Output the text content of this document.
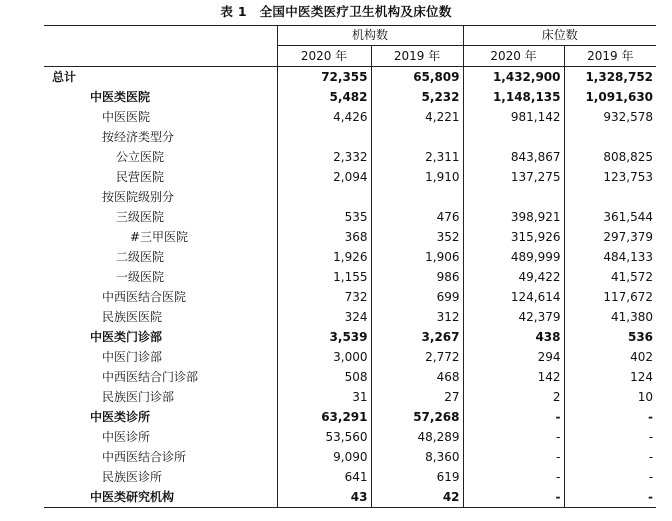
表 1　全国中医类医疗卫生机构及床位数
	机构数		床位数	
	2020 年	2019 年	2020 年	2019 年
总计	72,355	65,809	1,432,900	1,328,752
中医类医院	5,482	5,232	1,148,135	1,091,630
中医医院	4,426	4,221	981,142	932,578
按经济类型分				
公立医院	2,332	2,311	843,867	808,825
民营医院	2,094	1,910	137,275	123,753
按医院级别分				
三级医院	535	476	398,921	361,544
#三甲医院	368	352	315,926	297,379
二级医院	1,926	1,906	489,999	484,133
一级医院	1,155	986	49,422	41,572
中西医结合医院	732	699	124,614	117,672
民族医医院	324	312	42,379	41,380
中医类门诊部	3,539	3,267	438	536
中医门诊部	3,000	2,772	294	402
中西医结合门诊部	508	468	142	124
民族医门诊部	31	27	2	10
中医类诊所	63,291	57,268	-	-
中医诊所	53,560	48,289	-	-
中西医结合诊所	9,090	8,360	-	-
民族医诊所	641	619	-	-
中医类研究机构	43	42	-	-
